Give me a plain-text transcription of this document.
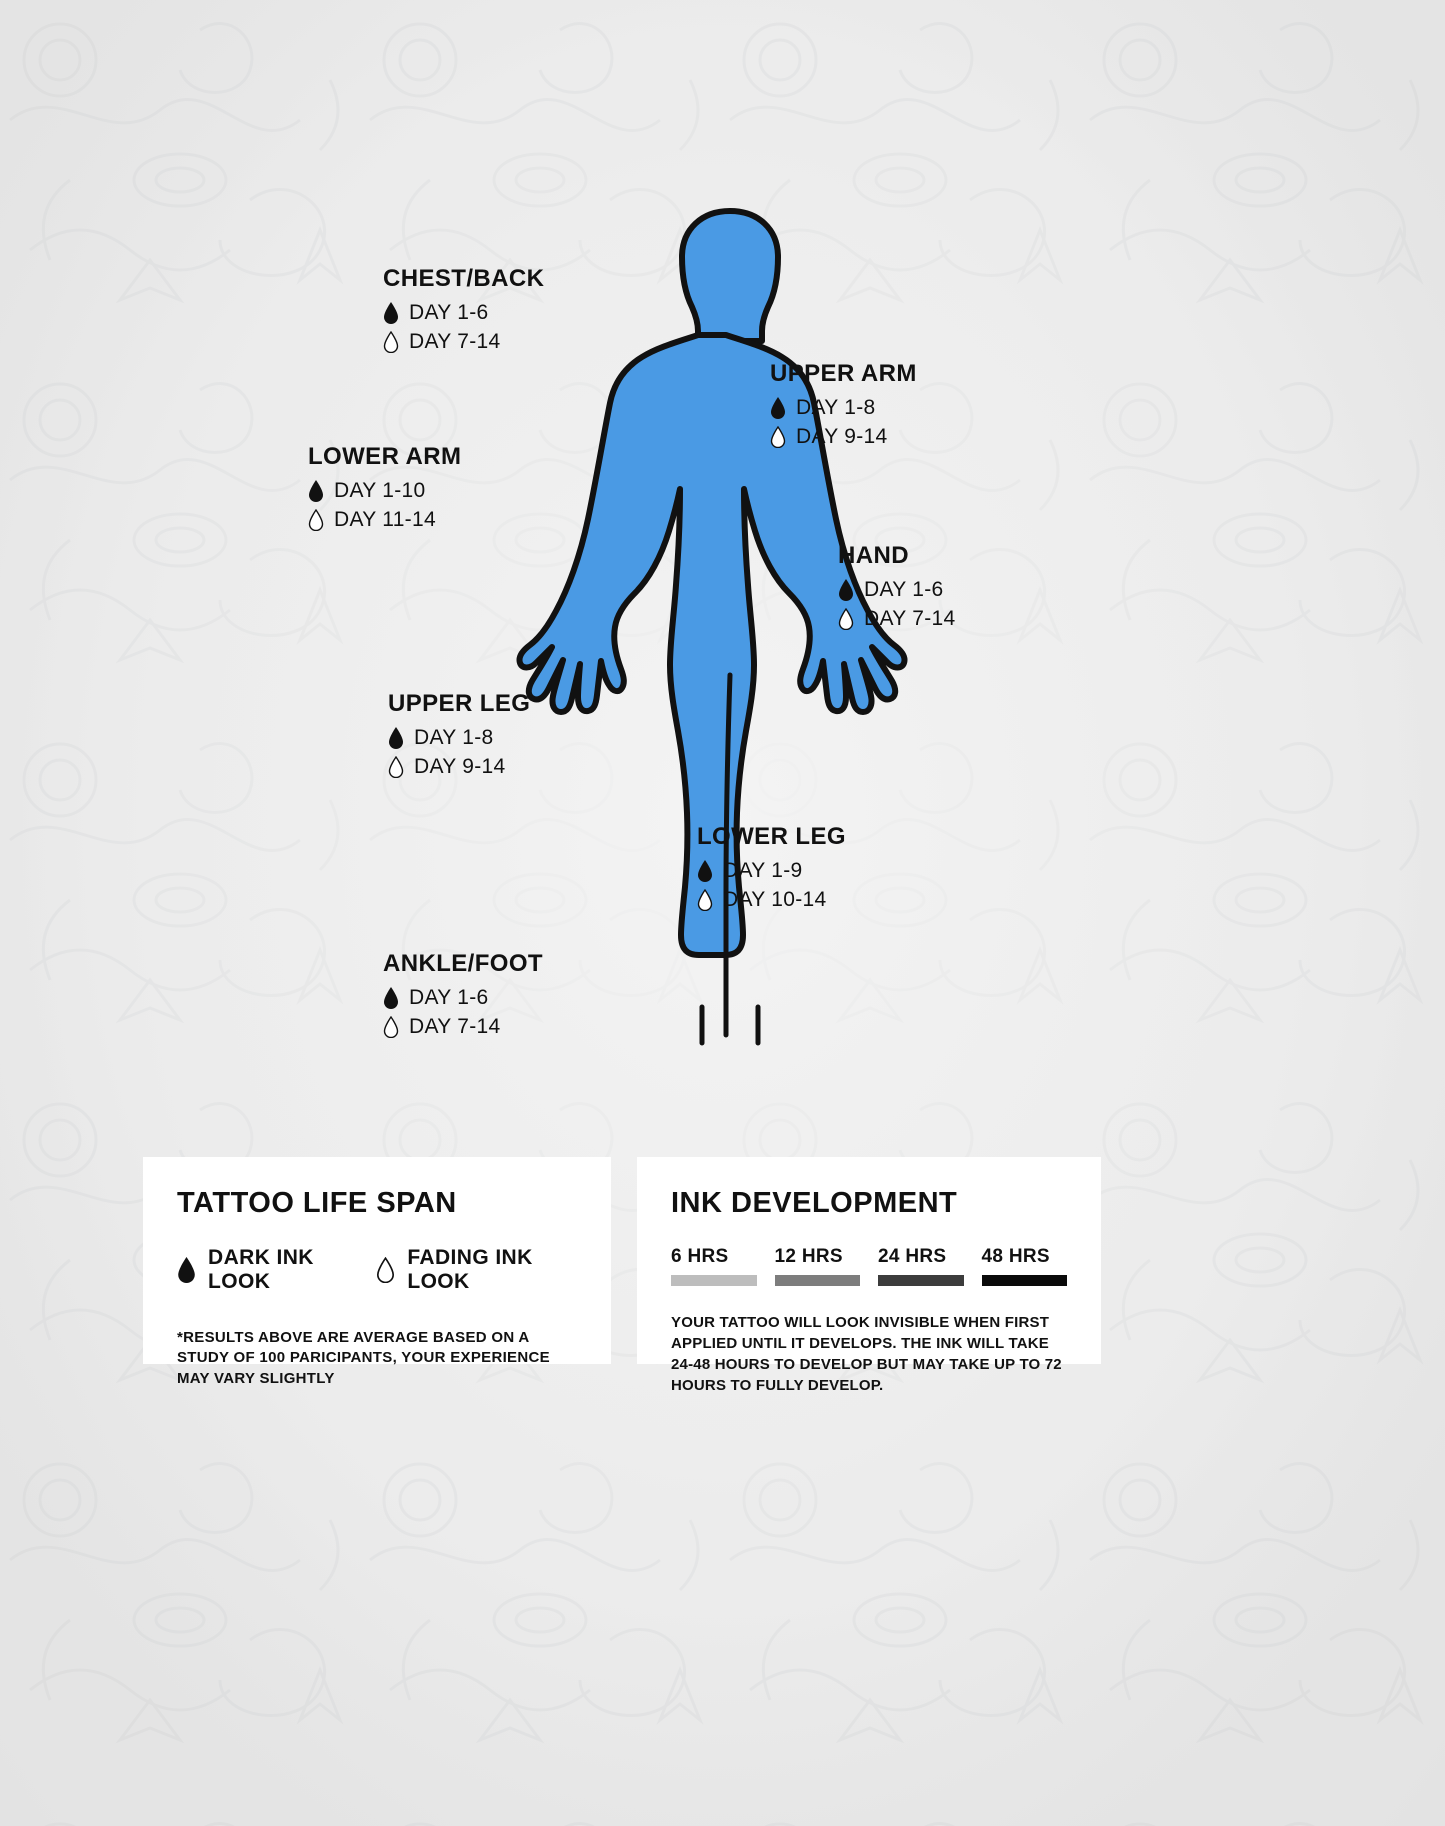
CHEST/BACK
DAY 1-6
DAY 7-14
UPPER ARM
DAY 1-8
DAY 9-14
LOWER ARM
DAY 1-10
DAY 11-14
HAND
DAY 1-6
DAY 7-14
UPPER LEG
DAY 1-8
DAY 9-14
LOWER LEG
DAY 1-9
DAY 10-14
ANKLE/FOOT
DAY 1-6
DAY 7-14
TATTOO LIFE SPAN
DARK INK LOOK
FADING INK LOOK
*RESULTS ABOVE ARE AVERAGE BASED ON A STUDY OF 100 PARICIPANTS, YOUR EXPERIENCE MAY VARY SLIGHTLY
INK DEVELOPMENT
6 HRS	12 HRS	24 HRS	48 HRS
YOUR TATTOO WILL LOOK INVISIBLE WHEN FIRST APPLIED UNTIL IT DEVELOPS. THE INK WILL TAKE 24-48 HOURS TO DEVELOP BUT MAY TAKE UP TO 72 HOURS TO FULLY DEVELOP.
